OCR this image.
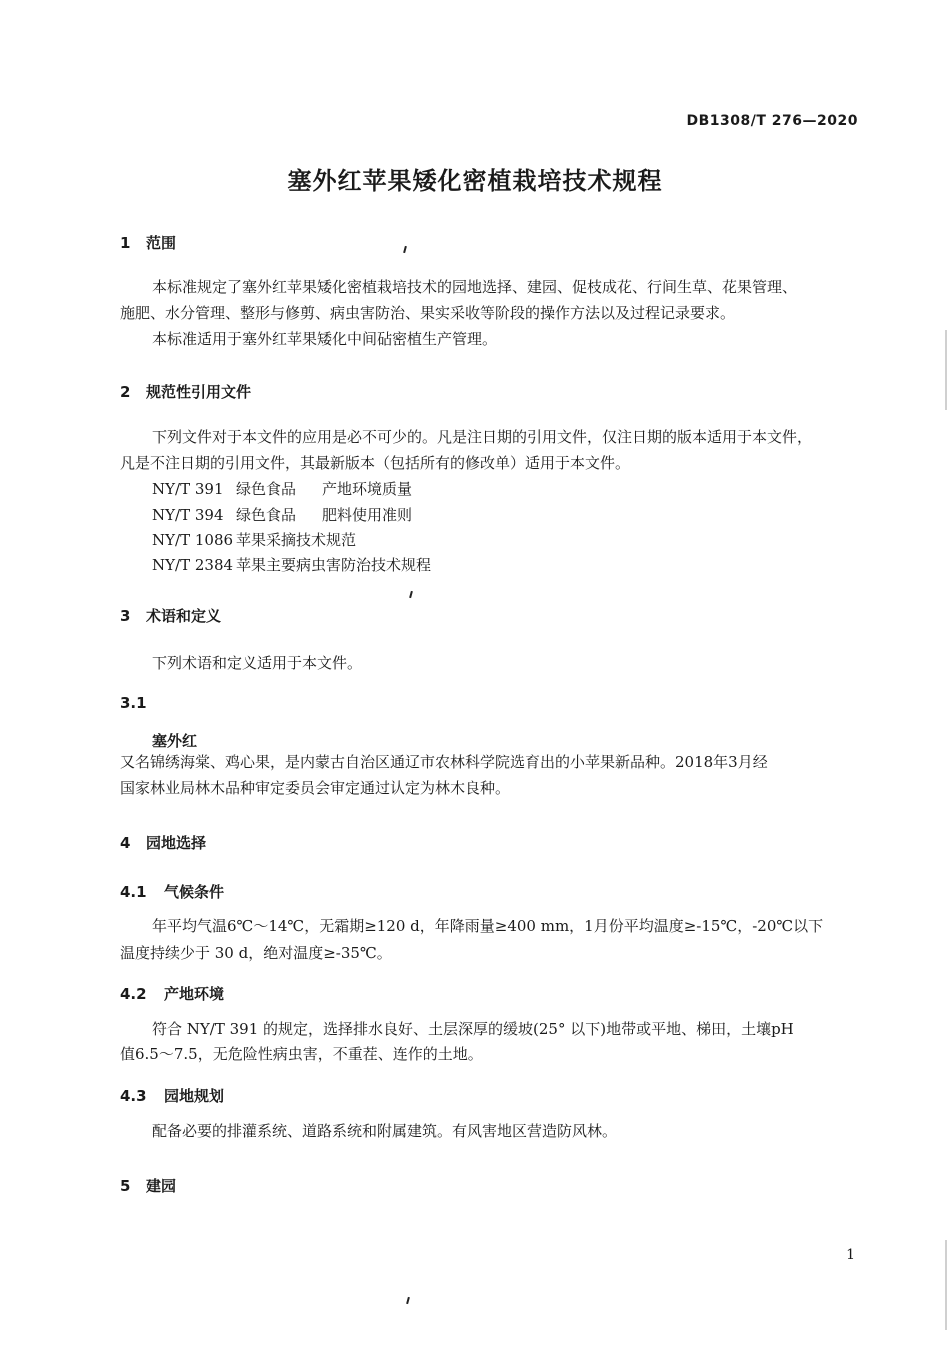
DB1308/T 276—2020
塞外红苹果矮化密植栽培技术规程
1 范围
本标准规定了塞外红苹果矮化密植栽培技术的园地选择、建园、促枝成花、行间生草、花果管理、
施肥、水分管理、整形与修剪、病虫害防治、果实采收等阶段的操作方法以及过程记录要求。
本标准适用于塞外红苹果矮化中间砧密植生产管理。
2 规范性引用文件
下列文件对于本文件的应用是必不可少的。凡是注日期的引用文件，仅注日期的版本适用于本文件，
凡是不注日期的引用文件，其最新版本（包括所有的修改单）适用于本文件。
NY/T 391 绿色食品 产地环境质量
NY/T 394 绿色食品 肥料使用准则
NY/T 1086 苹果采摘技术规范
NY/T 2384 苹果主要病虫害防治技术规程
3 术语和定义
下列术语和定义适用于本文件。
3.1
塞外红
又名锦绣海棠、鸡心果，是内蒙古自治区通辽市农林科学院选育出的小苹果新品种。2018年3月经
国家林业局林木品种审定委员会审定通过认定为林木良种。
4 园地选择
4.1 气候条件
年平均气温6℃～14℃，无霜期≥120 d，年降雨量≥400 mm，1月份平均温度≥-15℃，-20℃以下
温度持续少于 30 d，绝对温度≥-35℃。
4.2 产地环境
符合 NY/T 391 的规定，选择排水良好、土层深厚的缓坡(25° 以下)地带或平地、梯田，土壤pH
值6.5～7.5，无危险性病虫害，不重茬、连作的土地。
4.3 园地规划
配备必要的排灌系统、道路系统和附属建筑。有风害地区营造防风林。
5 建园
1
